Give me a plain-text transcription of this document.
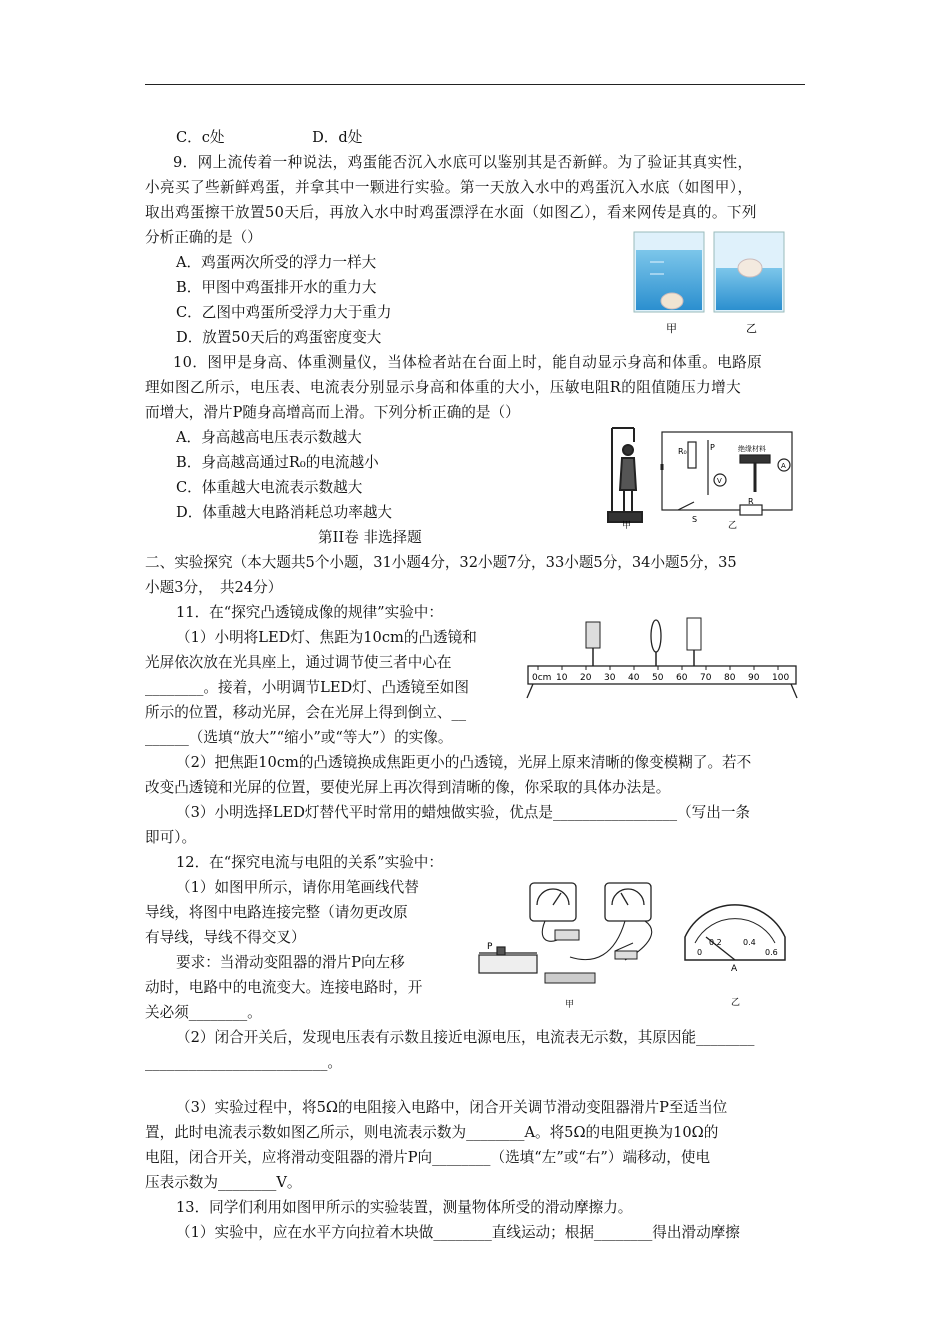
C．c处　　　　　　D．d处
9．网上流传着一种说法，鸡蛋能否沉入水底可以鉴别其是否新鲜。为了验证其真实性，
小亮买了些新鲜鸡蛋，并拿其中一颗进行实验。第一天放入水中的鸡蛋沉入水底（如图甲），
取出鸡蛋擦干放置50天后，再放入水中时鸡蛋漂浮在水面（如图乙），看来网传是真的。下列
分析正确的是（）
A．鸡蛋两次所受的浮力一样大
B．甲图中鸡蛋排开水的重力大
C．乙图中鸡蛋所受浮力大于重力
D．放置50天后的鸡蛋密度变大
10．图甲是身高、体重测量仪，当体检者站在台面上时，能自动显示身高和体重。电路原
理如图乙所示，电压表、电流表分别显示身高和体重的大小，压敏电阻R的阻值随压力增大
而增大，滑片P随身高增高而上滑。下列分析正确的是（）
A．身高越高电压表示数越大
B．身高越高通过R₀的电流越小
C．体重越大电流表示数越大
D．体重越大电路消耗总功率越大
第II卷 非选择题
二、实验探究（本大题共5个小题，31小题4分，32小题7分，33小题5分，34小题5分，35
小题3分，　共24分）
11．在“探究凸透镜成像的规律”实验中：
（1）小明将LED灯、焦距为10cm的凸透镜和
光屏依次放在光具座上，通过调节使三者中心在
________。接着，小明调节LED灯、凸透镜至如图
所示的位置，移动光屏，会在光屏上得到倒立、__
______（选填“放大”“缩小”或“等大”）的实像。
（2）把焦距10cm的凸透镜换成焦距更小的凸透镜，光屏上原来清晰的像变模糊了。若不
改变凸透镜和光屏的位置，要使光屏上再次得到清晰的像，你采取的具体办法是。
（3）小明选择LED灯替代平时常用的蜡烛做实验，优点是_________________（写出一条
即可）。
12．在“探究电流与电阻的关系”实验中：
（1）如图甲所示，请你用笔画线代替
导线，将图中电路连接完整（请勿更改原
有导线，导线不得交叉）
要求：当滑动变阻器的滑片P向左移
动时，电路中的电流变大。连接电路时，开
关必须________。
（2）闭合开关后，发现电压表有示数且接近电源电压，电流表无示数，其原因能________
_________________________。
（3）实验过程中，将5Ω的电阻接入电路中，闭合开关调节滑动变阻器滑片P至适当位
置，此时电流表示数如图乙所示，则电流表示数为________A。将5Ω的电阻更换为10Ω的
电阻，闭合开关，应将滑动变阻器的滑片P向________（选填“左”或“右”）端移动，使电
压表示数为________V。
13．同学们利用如图甲所示的实验装置，测量物体所受的滑动摩擦力。
（1）实验中，应在水平方向拉着木块做________直线运动；根据________得出滑动摩擦
甲	乙
甲
R₀	P	绝缘材料
V
A
S
R
乙
0cm 10 20 30 40 50 60 70 80 90 100
P
甲
0
0.2	0.4
0.6
A
乙
